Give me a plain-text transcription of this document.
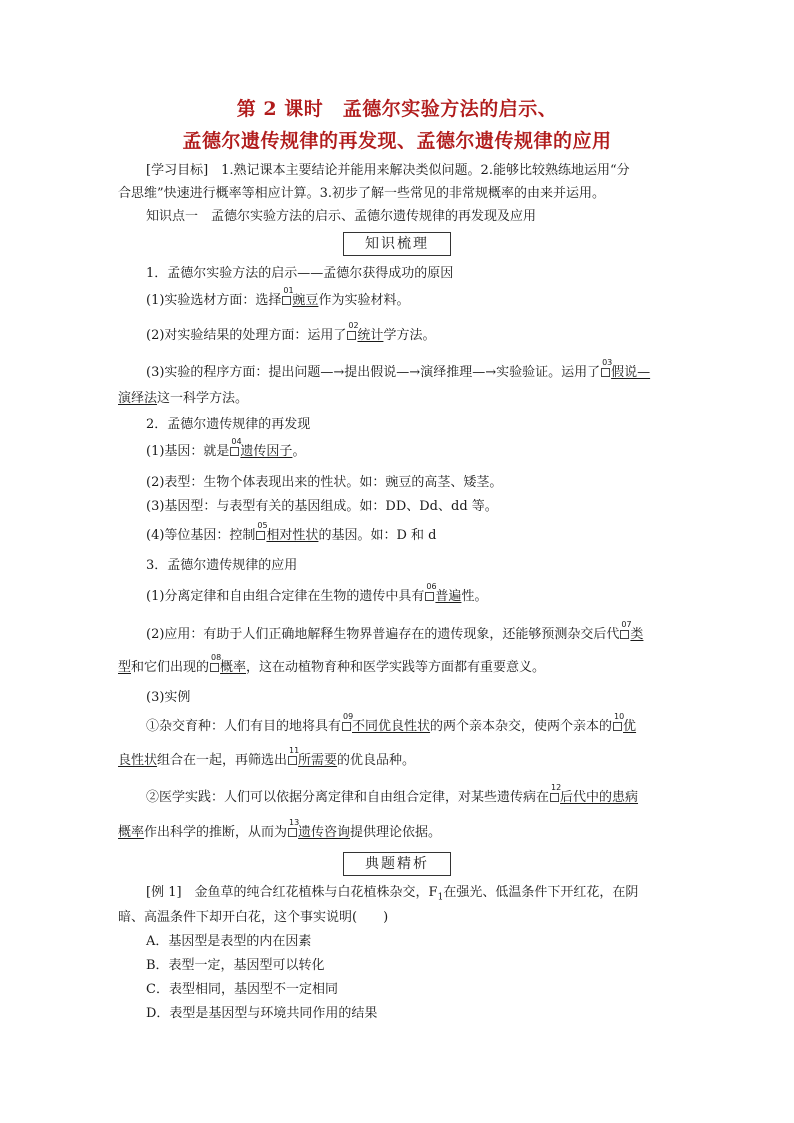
第 2 课时　孟德尔实验方法的启示、
孟德尔遗传规律的再发现、孟德尔遗传规律的应用
[学习目标]　1.熟记课本主要结论并能用来解决类似问题。2.能够比较熟练地运用“分
合思维”快速进行概率等相应计算。3.初步了解一些常见的非常规概率的由来并运用。
知识点一　孟德尔实验方法的启示、孟德尔遗传规律的再发现及应用
知识梳理
1．孟德尔实验方法的启示——孟德尔获得成功的原因
(1)实验选材方面：选择
01
豌豆作为实验材料。
(2)对实验结果的处理方面：运用了
02
统计学方法。
(3)实验的程序方面：提出问题—→提出假说—→演绎推理—→实验验证。运用了
03
假说—
演绎法这一科学方法。
2．孟德尔遗传规律的再发现
(1)基因：就是
04
遗传因子。
(2)表型：生物个体表现出来的性状。如：豌豆的高茎、矮茎。
(3)基因型：与表型有关的基因组成。如：DD、Dd、dd 等。
(4)等位基因：控制
05
相对性状的基因。如：D 和 d
3．孟德尔遗传规律的应用
(1)分离定律和自由组合定律在生物的遗传中具有
06
普遍性。
(2)应用：有助于人们正确地解释生物界普遍存在的遗传现象，还能够预测杂交后代
07
类
型和它们出现的
08
概率，这在动植物育种和医学实践等方面都有重要意义。
(3)实例
①杂交育种：人们有目的地将具有
09
不同优良性状的两个亲本杂交，使两个亲本的
10
优
良性状组合在一起，再筛选出
11
所需要的优良品种。
②医学实践：人们可以依据分离定律和自由组合定律，对某些遗传病在
12
后代中的患病
概率作出科学的推断，从而为
13
遗传咨询提供理论依据。
典题精析
[例 1]　金鱼草的纯合红花植株与白花植株杂交，$F_1$在强光、低温条件下开红花，在阴
暗、高温条件下却开白花，这个事实说明(　　)
A．基因型是表型的内在因素
B．表型一定，基因型可以转化
C．表型相同，基因型不一定相同
D．表型是基因型与环境共同作用的结果
